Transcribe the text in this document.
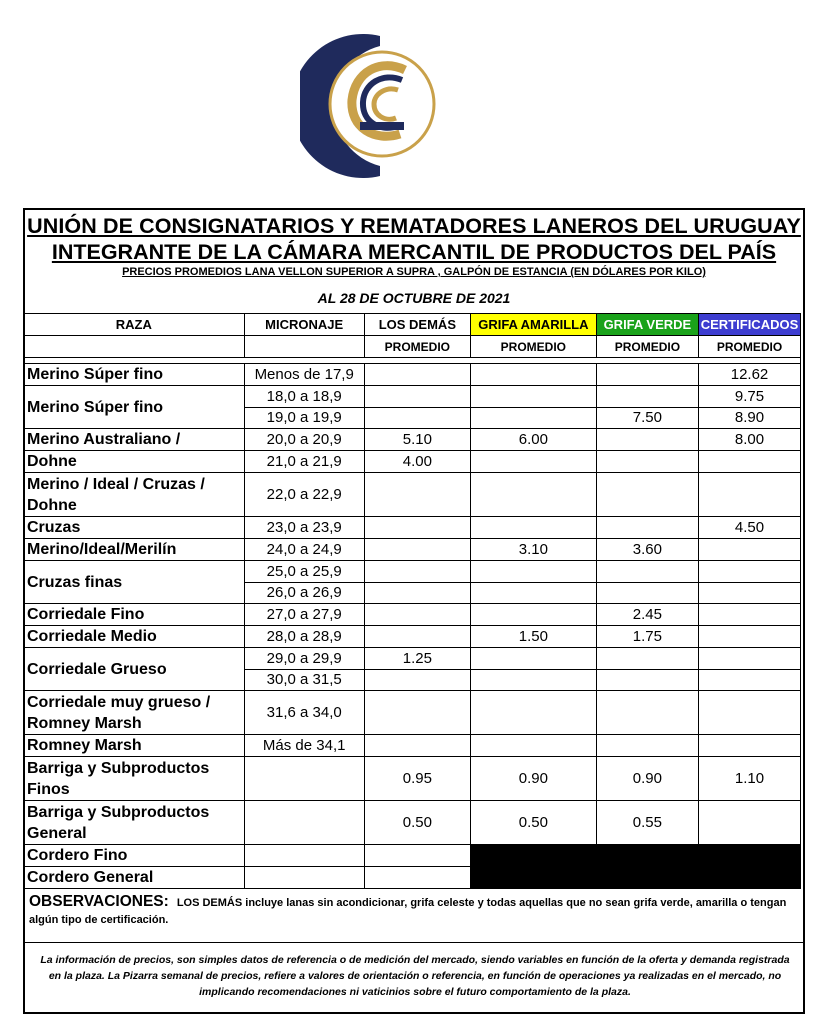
UNIÓN DE CONSIGNATARIOS Y REMATADORES LANEROS DEL URUGUAY
INTEGRANTE DE LA CÁMARA MERCANTIL DE PRODUCTOS DEL PAÍS
PRECIOS PROMEDIOS LANA VELLON SUPERIOR A SUPRA , GALPÓN DE ESTANCIA (EN DÓLARES POR KILO)
AL 28 DE OCTUBRE DE 2021
RAZA	MICRONAJE	LOS DEMÁS	GRIFA AMARILLA	GRIFA VERDE	CERTIFICADOS
		PROMEDIO	PROMEDIO	PROMEDIO	PROMEDIO

Merino Súper fino	Menos de 17,9				12.62
Merino Súper fino	18,0 a 18,9				9.75
	19,0 a 19,9			7.50	8.90
Merino Australiano /	20,0 a 20,9	5.10	6.00		8.00
Dohne	21,0 a 21,9	4.00			
Merino / Ideal / Cruzas / Dohne	22,0 a 22,9				
Cruzas	23,0 a 23,9				4.50
Merino/Ideal/Merilín	24,0 a 24,9		3.10	3.60	
Cruzas finas	25,0 a 25,9				
	26,0 a 26,9				
Corriedale Fino	27,0 a 27,9			2.45	
Corriedale Medio	28,0 a 28,9		1.50	1.75	
Corriedale Grueso	29,0 a 29,9	1.25			
	30,0 a 31,5				
Corriedale muy grueso / Romney Marsh	31,6 a 34,0				
Romney Marsh	Más de 34,1				
Barriga y Subproductos Finos		0.95	0.90	0.90	1.10
Barriga y Subproductos General		0.50	0.50	0.55	
Cordero Fino					
Cordero General					
OBSERVACIONES: LOS DEMÁS incluye lanas sin acondicionar, grifa celeste y todas aquellas que no sean grifa verde, amarilla o tengan algún tipo de certificación.
La información de precios, son simples datos de referencia o de medición del mercado, siendo variables en función de la oferta y demanda registrada en la plaza. La Pizarra semanal de precios, refiere a valores de orientación o referencia, en función de operaciones ya realizadas en el mercado, no implicando recomendaciones ni vaticinios sobre el futuro comportamiento de la plaza.
